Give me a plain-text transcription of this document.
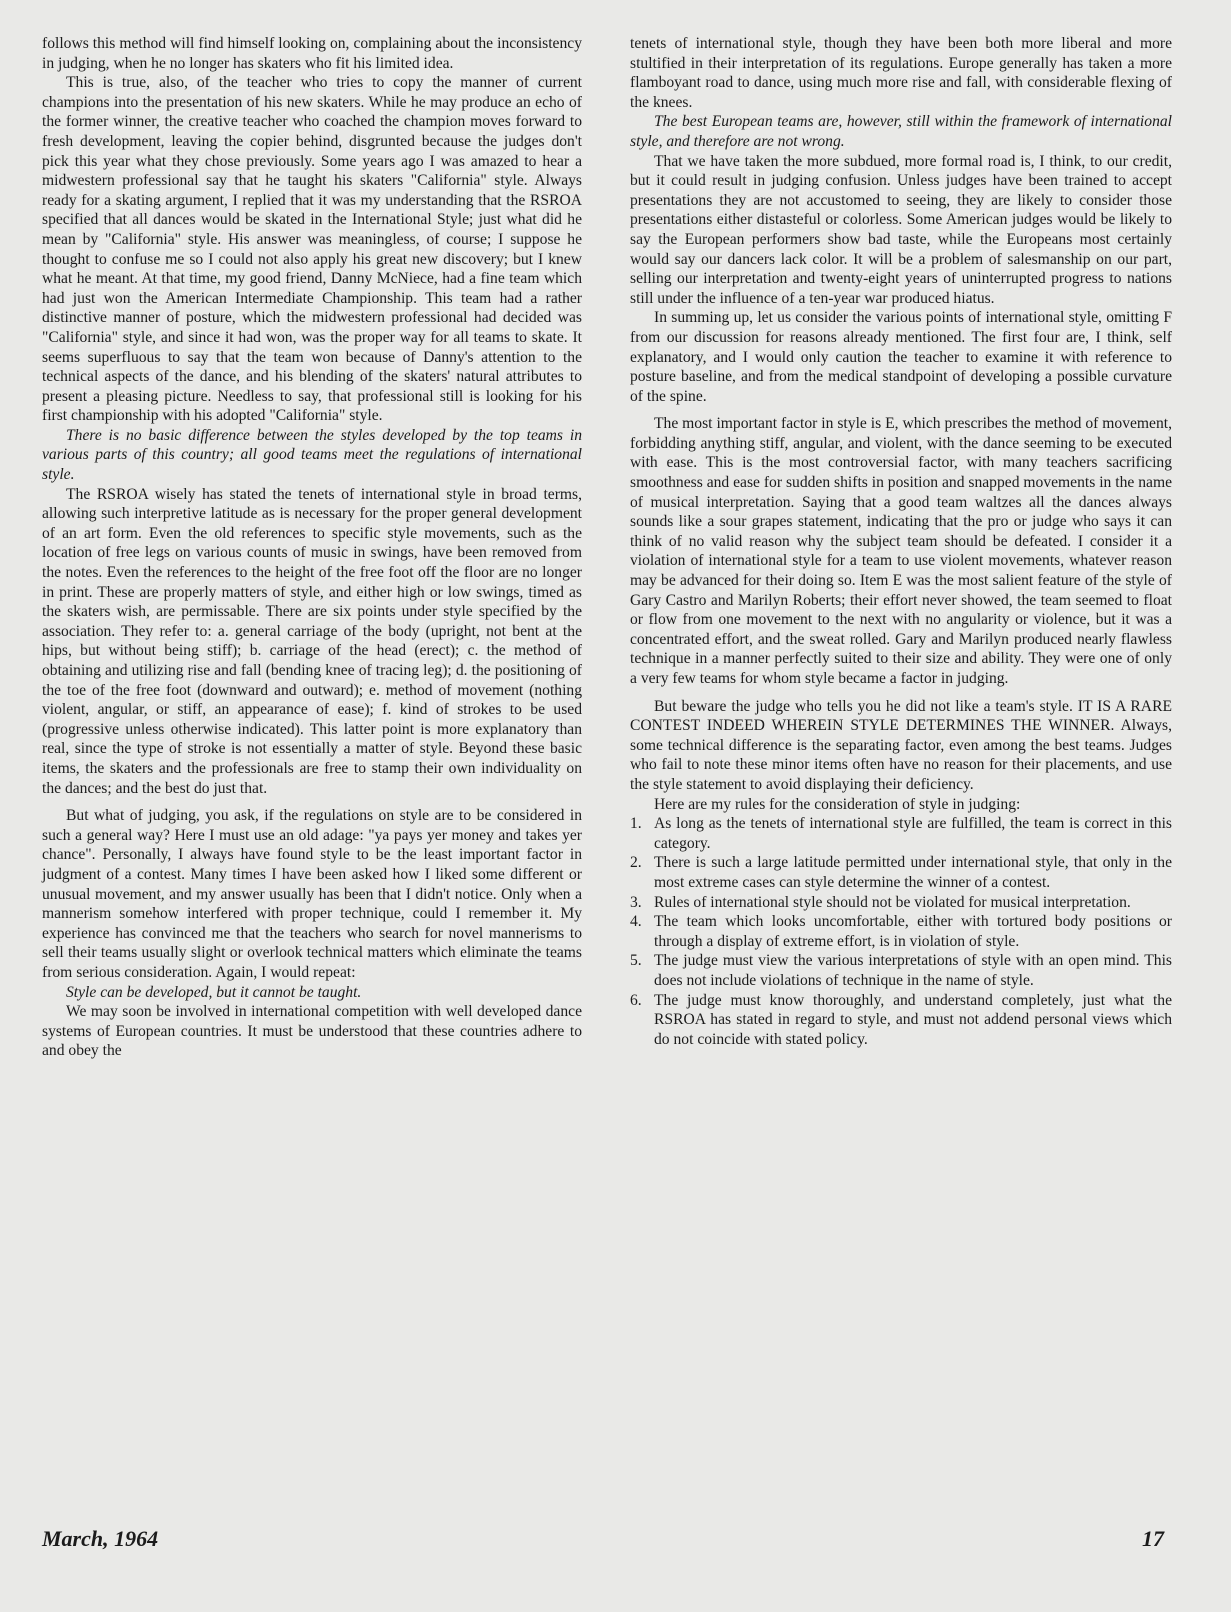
follows this method will find himself looking on, complaining about the inconsistency in judging, when he no longer has skaters who fit his limited idea.

This is true, also, of the teacher who tries to copy the manner of current champions into the presentation of his new skaters. While he may produce an echo of the former winner, the creative teacher who coached the champion moves forward to fresh development, leaving the copier behind, disgrunted because the judges don't pick this year what they chose previously. Some years ago I was amazed to hear a midwestern professional say that he taught his skaters "California" style. Always ready for a skating argument, I replied that it was my understanding that the RSROA specified that all dances would be skated in the International Style; just what did he mean by "California" style. His answer was meaningless, of course; I suppose he thought to confuse me so I could not also apply his great new discovery; but I knew what he meant. At that time, my good friend, Danny McNiece, had a fine team which had just won the American Intermediate Championship. This team had a rather distinctive manner of posture, which the midwestern professional had decided was "California" style, and since it had won, was the proper way for all teams to skate. It seems superfluous to say that the team won because of Danny's attention to the technical aspects of the dance, and his blending of the skaters' natural attributes to present a pleasing picture. Needless to say, that professional still is looking for his first championship with his adopted "California" style.

There is no basic difference between the styles developed by the top teams in various parts of this country; all good teams meet the regulations of international style.

The RSROA wisely has stated the tenets of international style in broad terms, allowing such interpretive latitude as is necessary for the proper general development of an art form. Even the old references to specific style movements, such as the location of free legs on various counts of music in swings, have been removed from the notes. Even the references to the height of the free foot off the floor are no longer in print. These are properly matters of style, and either high or low swings, timed as the skaters wish, are permissable. There are six points under style specified by the association. They refer to: a. general carriage of the body (upright, not bent at the hips, but without being stiff); b. carriage of the head (erect); c. the method of obtaining and utilizing rise and fall (bending knee of tracing leg); d. the positioning of the toe of the free foot (downward and outward); e. method of movement (nothing violent, angular, or stiff, an appearance of ease); f. kind of strokes to be used (progressive unless otherwise indicated). This latter point is more explanatory than real, since the type of stroke is not essentially a matter of style. Beyond these basic items, the skaters and the professionals are free to stamp their own individuality on the dances; and the best do just that.

But what of judging, you ask, if the regulations on style are to be considered in such a general way? Here I must use an old adage: "ya pays yer money and takes yer chance". Personally, I always have found style to be the least important factor in judgment of a contest. Many times I have been asked how I liked some different or unusual movement, and my answer usually has been that I didn't notice. Only when a mannerism somehow interfered with proper technique, could I remember it. My experience has convinced me that the teachers who search for novel mannerisms to sell their teams usually slight or overlook technical matters which eliminate the teams from serious consideration. Again, I would repeat:

Style can be developed, but it cannot be taught.

We may soon be involved in international competition with well developed dance systems of European countries. It must be understood that these countries adhere to and obey the

tenets of international style, though they have been both more liberal and more stultified in their interpretation of its regulations. Europe generally has taken a more flamboyant road to dance, using much more rise and fall, with considerable flexing of the knees.

The best European teams are, however, still within the framework of international style, and therefore are not wrong.

That we have taken the more subdued, more formal road is, I think, to our credit, but it could result in judging confusion. Unless judges have been trained to accept presentations they are not accustomed to seeing, they are likely to consider those presentations either distasteful or colorless. Some American judges would be likely to say the European performers show bad taste, while the Europeans most certainly would say our dancers lack color. It will be a problem of salesmanship on our part, selling our interpretation and twenty-eight years of uninterrupted progress to nations still under the influence of a ten-year war produced hiatus.

In summing up, let us consider the various points of international style, omitting F from our discussion for reasons already mentioned. The first four are, I think, self explanatory, and I would only caution the teacher to examine it with reference to posture baseline, and from the medical standpoint of developing a possible curvature of the spine.

The most important factor in style is E, which prescribes the method of movement, forbidding anything stiff, angular, and violent, with the dance seeming to be executed with ease. This is the most controversial factor, with many teachers sacrificing smoothness and ease for sudden shifts in position and snapped movements in the name of musical interpretation. Saying that a good team waltzes all the dances always sounds like a sour grapes statement, indicating that the pro or judge who says it can think of no valid reason why the subject team should be defeated. I consider it a violation of international style for a team to use violent movements, whatever reason may be advanced for their doing so. Item E was the most salient feature of the style of Gary Castro and Marilyn Roberts; their effort never showed, the team seemed to float or flow from one movement to the next with no angularity or violence, but it was a concentrated effort, and the sweat rolled. Gary and Marilyn produced nearly flawless technique in a manner perfectly suited to their size and ability. They were one of only a very few teams for whom style became a factor in judging.

But beware the judge who tells you he did not like a team's style. IT IS A RARE CONTEST INDEED WHEREIN STYLE DETERMINES THE WINNER. Always, some technical difference is the separating factor, even among the best teams. Judges who fail to note these minor items often have no reason for their placements, and use the style statement to avoid displaying their deficiency.

Here are my rules for the consideration of style in judging:

1. As long as the tenets of international style are fulfilled, the team is correct in this category.
2. There is such a large latitude permitted under international style, that only in the most extreme cases can style determine the winner of a contest.
3. Rules of international style should not be violated for musical interpretation.
4. The team which looks uncomfortable, either with tortured body positions or through a display of extreme effort, is in violation of style.
5. The judge must view the various interpretations of style with an open mind. This does not include violations of technique in the name of style.
6. The judge must know thoroughly, and understand completely, just what the RSROA has stated in regard to style, and must not addend personal views which do not coincide with stated policy.
March, 1964	17
